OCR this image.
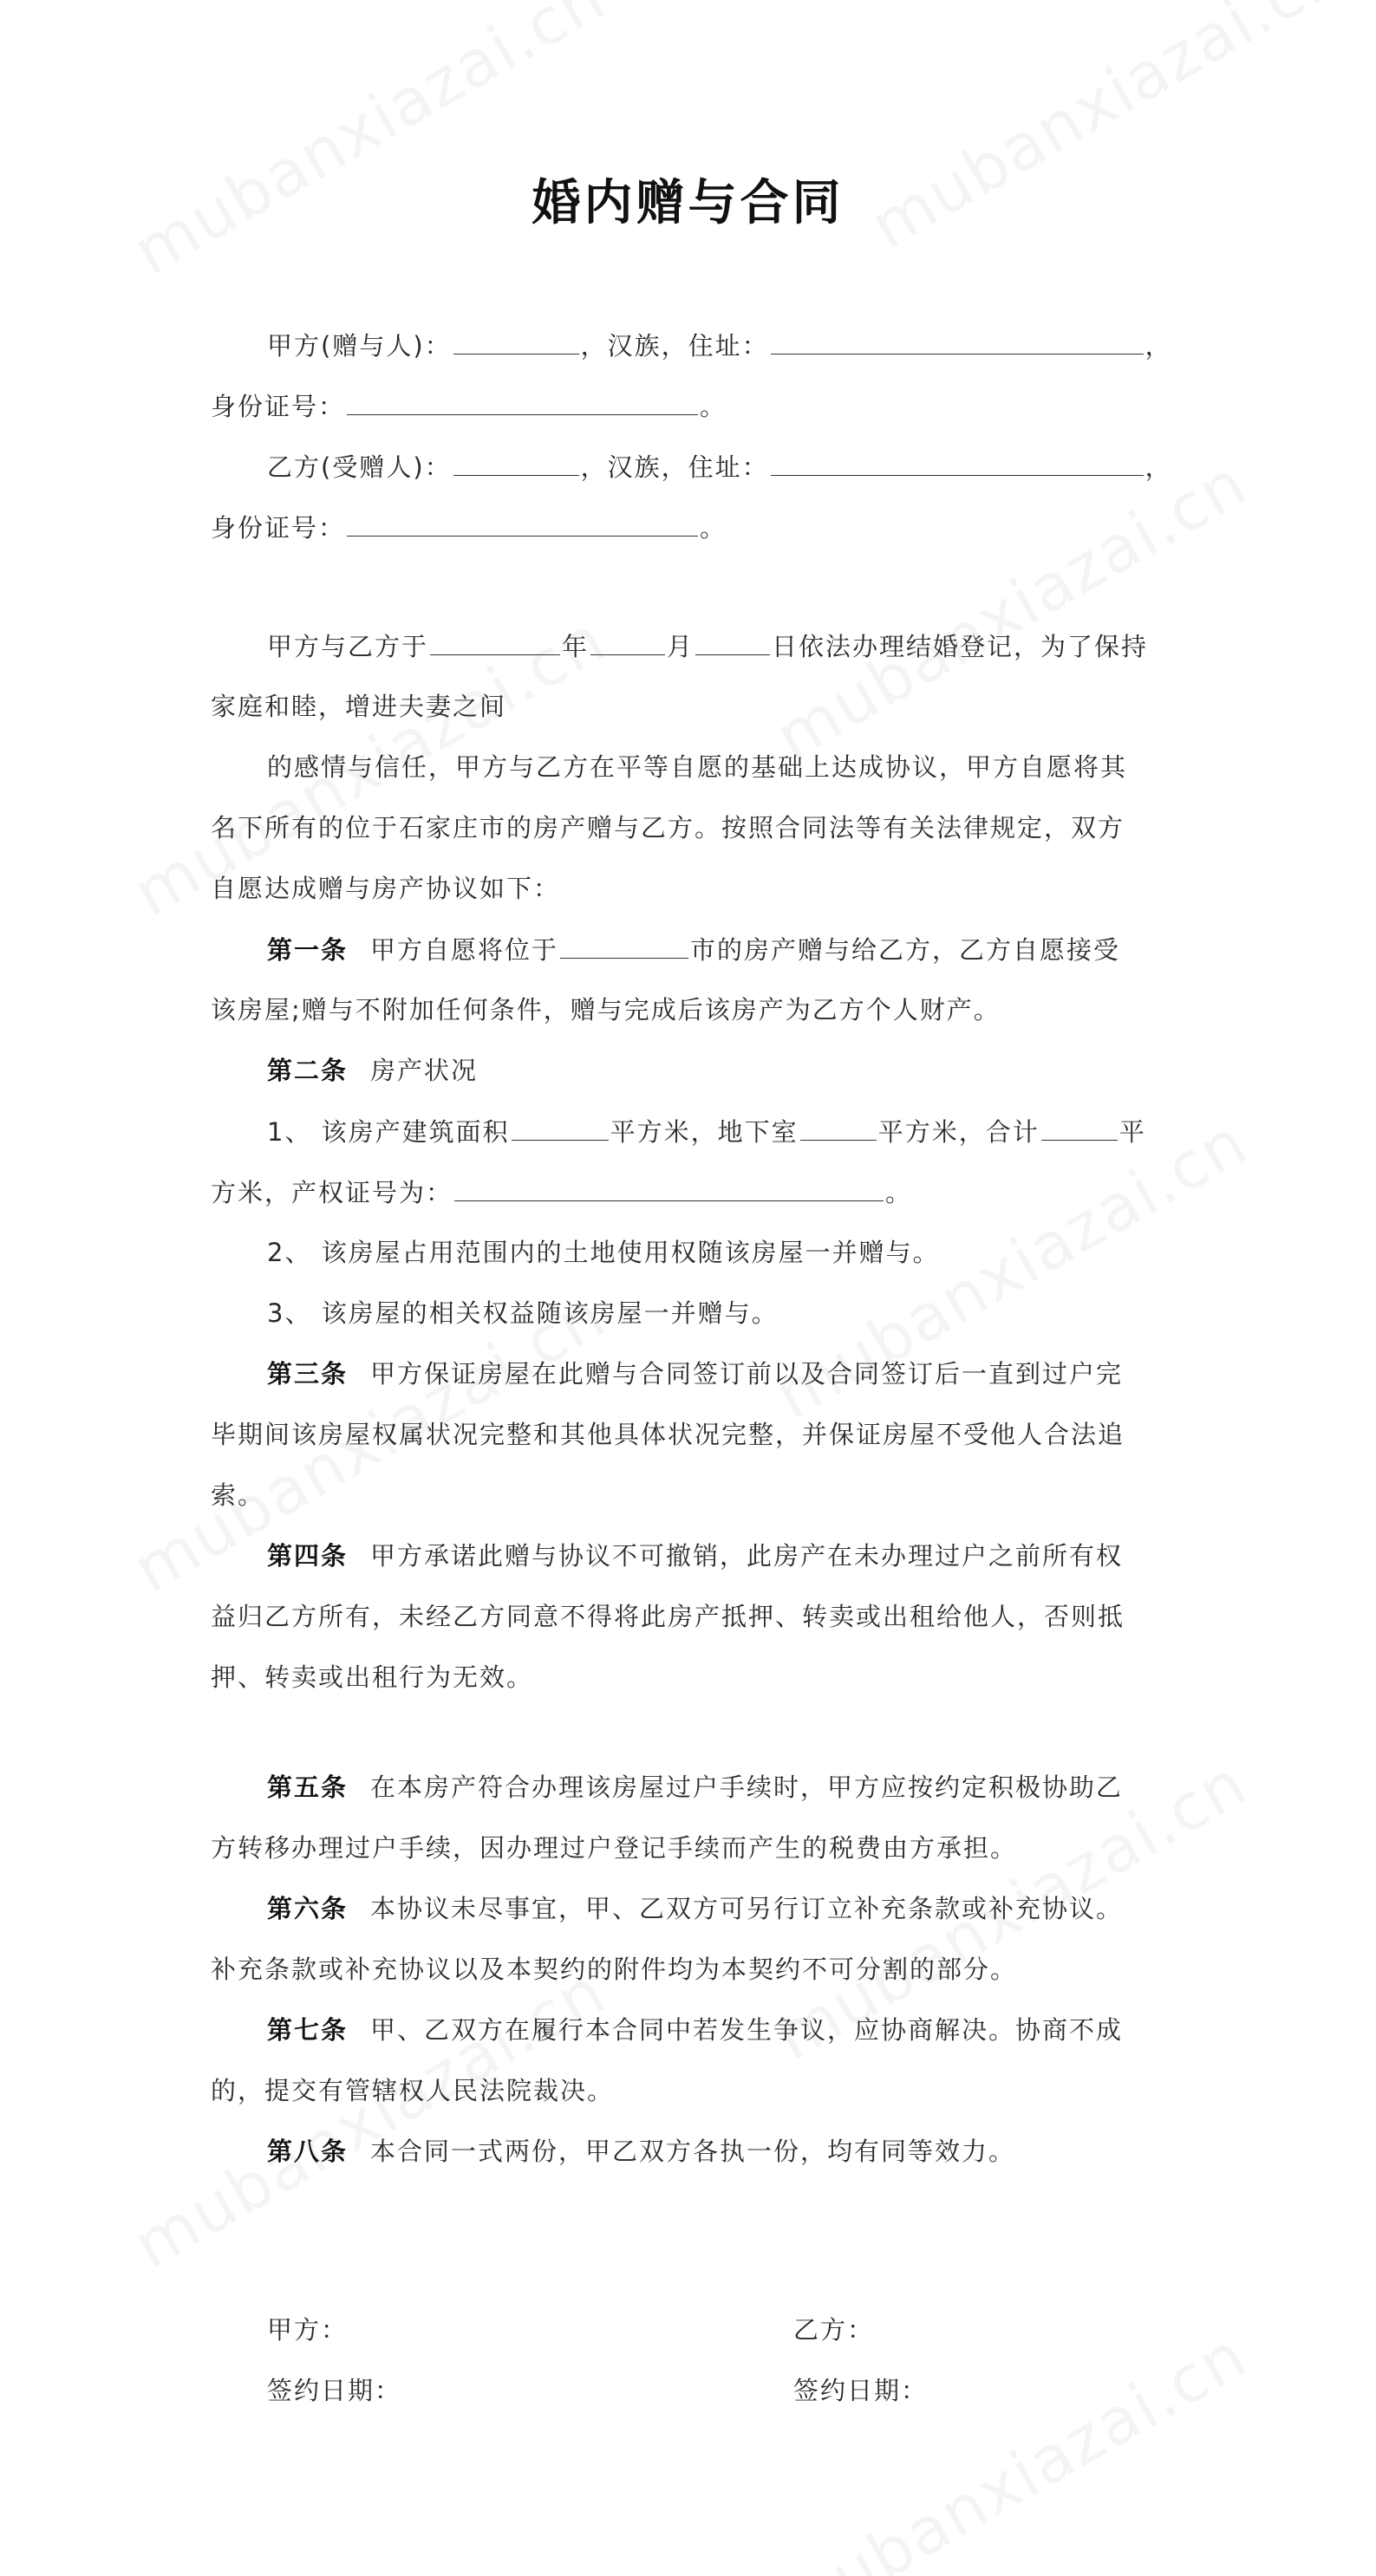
婚内赠与合同
甲方(赠与人)：	，汉族，住址：	，
身份证号：	。
乙方(受赠人)：	，汉族，住址：	，
身份证号：	。
甲方与乙方于	年	月	日依法办理结婚登记，为了保持
家庭和睦，增进夫妻之间
的感情与信任，甲方与乙方在平等自愿的基础上达成协议，甲方自愿将其
名下所有的位于石家庄市的房产赠与乙方。按照合同法等有关法律规定，双方
自愿达成赠与房产协议如下：
第一条 甲方自愿将位于	市的房产赠与给乙方，乙方自愿接受
该房屋;赠与不附加任何条件，赠与完成后该房产为乙方个人财产。
第二条 房产状况
1、 该房产建筑面积	平方米，地下室	平方米，合计	平
方米，产权证号为：	。
2、 该房屋占用范围内的土地使用权随该房屋一并赠与。
3、 该房屋的相关权益随该房屋一并赠与。
第三条 甲方保证房屋在此赠与合同签订前以及合同签订后一直到过户完
毕期间该房屋权属状况完整和其他具体状况完整，并保证房屋不受他人合法追
索。
第四条 甲方承诺此赠与协议不可撤销，此房产在未办理过户之前所有权
益归乙方所有，未经乙方同意不得将此房产抵押、转卖或出租给他人，否则抵
押、转卖或出租行为无效。
第五条 在本房产符合办理该房屋过户手续时，甲方应按约定积极协助乙
方转移办理过户手续，因办理过户登记手续而产生的税费由方承担。
第六条 本协议未尽事宜，甲、乙双方可另行订立补充条款或补充协议。
补充条款或补充协议以及本契约的附件均为本契约不可分割的部分。
第七条 甲、乙双方在履行本合同中若发生争议，应协商解决。协商不成
的，提交有管辖权人民法院裁决。
第八条 本合同一式两份，甲乙双方各执一份，均有同等效力。
甲方：	乙方：
签约日期：	签约日期：
